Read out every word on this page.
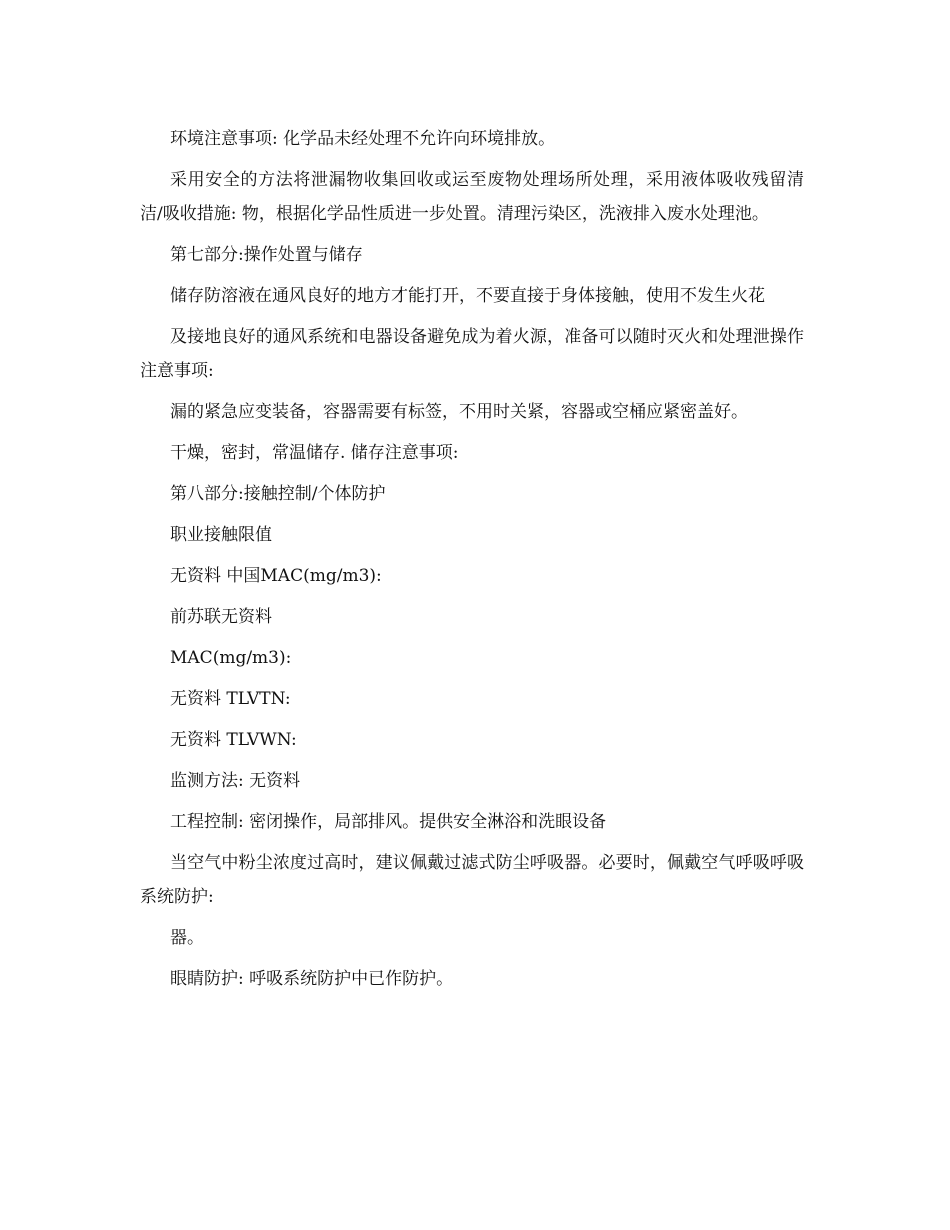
环境注意事项: 化学品未经处理不允许向环境排放。

采用安全的方法将泄漏物收集回收或运至废物处理场所处理，采用液体吸收残留清洁/吸收措施: 物，根据化学品性质进一步处置。清理污染区，洗液排入废水处理池。

第七部分:操作处置与储存

储存防溶液在通风良好的地方才能打开，不要直接于身体接触，使用不发生火花

及接地良好的通风系统和电器设备避免成为着火源，准备可以随时灭火和处理泄操作注意事项:

漏的紧急应变装备，容器需要有标签，不用时关紧，容器或空桶应紧密盖好。

干燥，密封，常温储存. 储存注意事项:

第八部分:接触控制/个体防护

职业接触限值

无资料 中国MAC(mg/m3):

前苏联无资料

MAC(mg/m3):

无资料 TLVTN:

无资料 TLVWN:

监测方法: 无资料

工程控制: 密闭操作，局部排风。提供安全淋浴和洗眼设备

当空气中粉尘浓度过高时，建议佩戴过滤式防尘呼吸器。必要时，佩戴空气呼吸呼吸系统防护:

器。

眼睛防护: 呼吸系统防护中已作防护。
